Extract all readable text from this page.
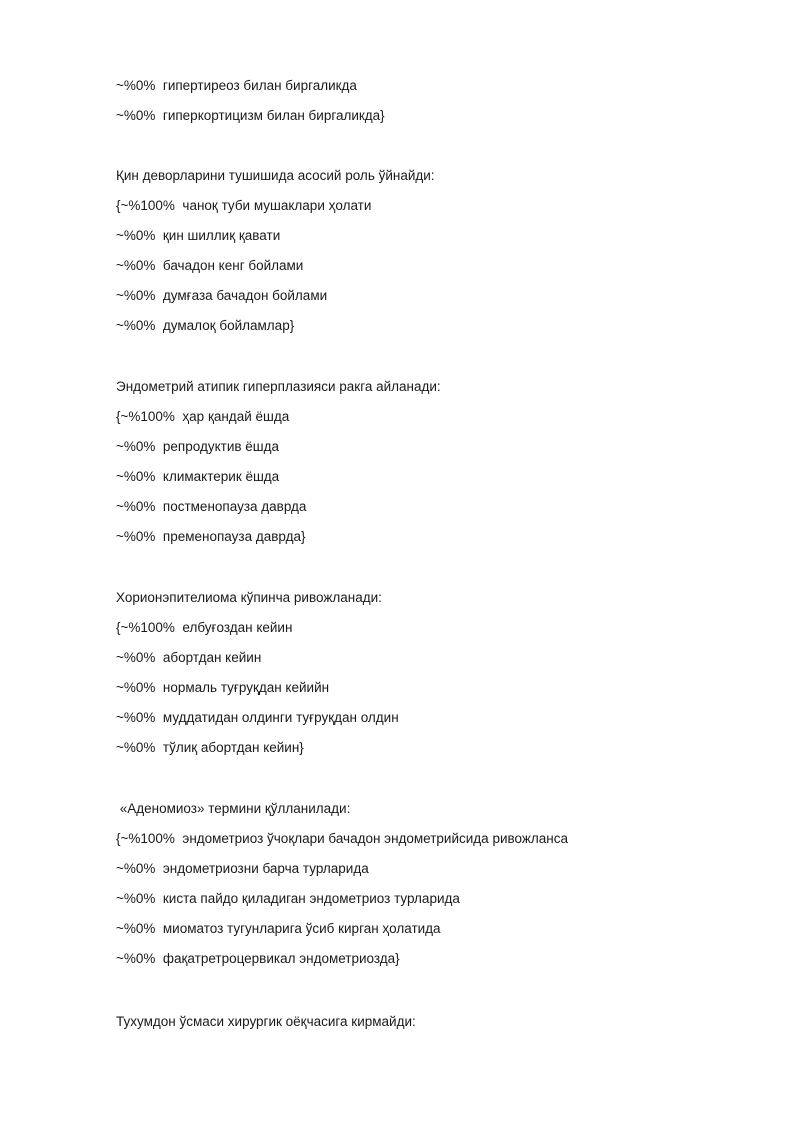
~%0%  гипертиреоз билан биргаликда
~%0%  гиперкортицизм билан биргаликда}
Қин деворларини тушишида асосий роль ўйнайди:
{~%100%  чаноқ туби мушаклари ҳолати
~%0%  қин шиллиқ қавати
~%0%  бачадон кенг бойлами
~%0%  думғаза бачадон бойлами
~%0%  думалоқ бойламлар}
Эндометрий атипик гиперплазияси ракга айланади:
{~%100%  ҳар қандай ёшда
~%0%  репродуктив ёшда
~%0%  климактерик ёшда
~%0%  постменопауза даврда
~%0%  пременопауза даврда}
Хорионэпителиома кўпинча ривожланади:
{~%100%  елбуғоздан кейин
~%0%  абортдан кейин
~%0%  нормаль туғруқдан кейийн
~%0%  муддатидан олдинги туғруқдан олдин
~%0%  тўлиқ абортдан кейин}
«Аденомиоз» термини қўлланилади:
{~%100%  эндометриоз ўчоқлари бачадон эндометрийсида ривожланса
~%0%  эндометриозни барча турларида
~%0%  киста пайдо қиладиган эндометриоз турларида
~%0%  миоматоз тугунларига ўсиб кирган ҳолатида
~%0%  фақатретроцервикал эндометриозда}
Тухумдон ўсмаси хирургик оёқчасига кирмайди:
